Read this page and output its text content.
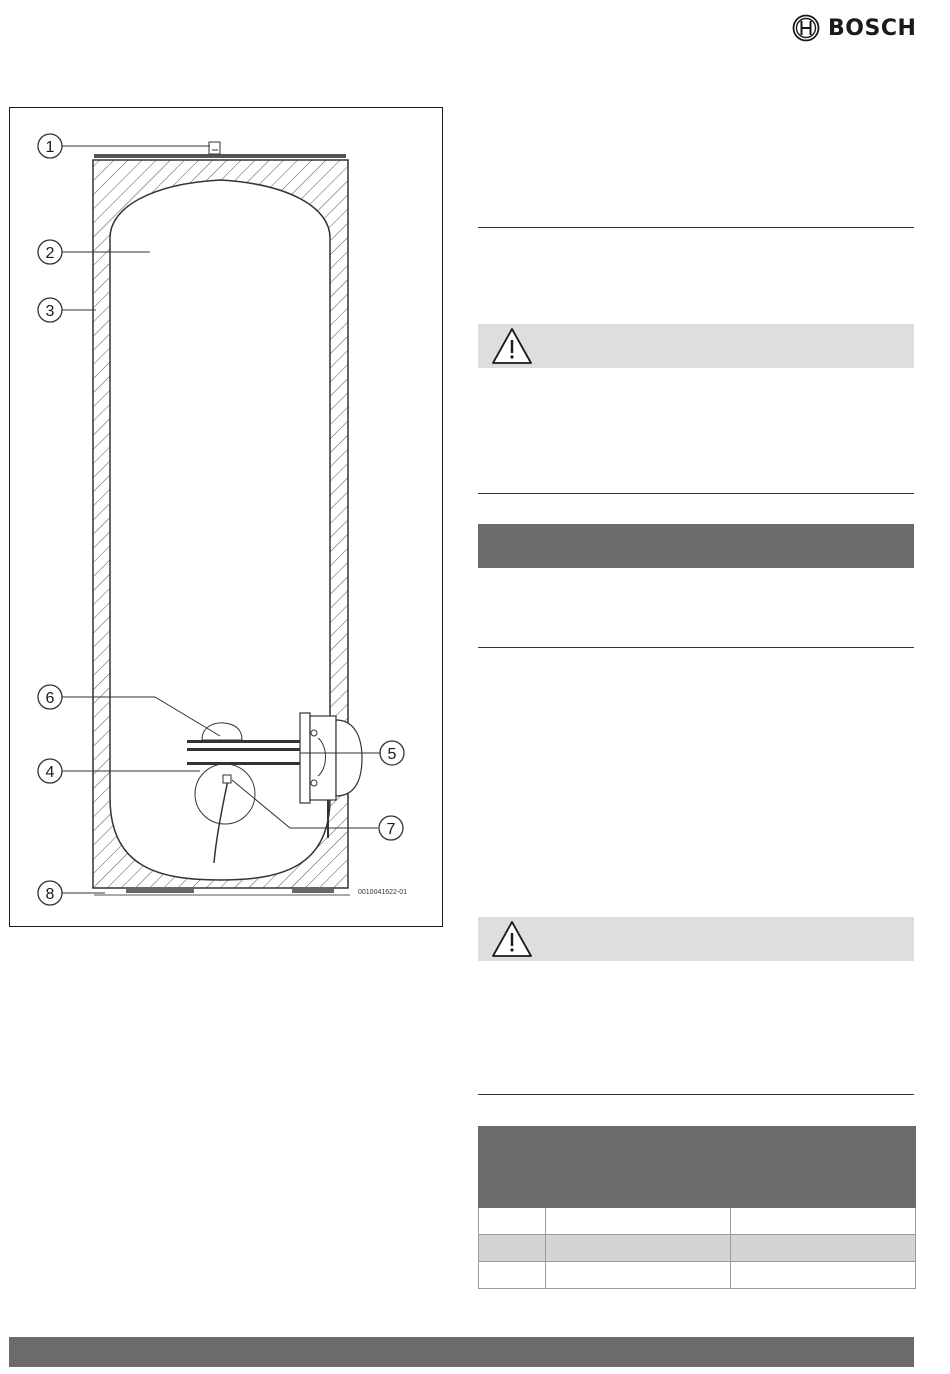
BOSCH
1
2
3
4
5
6
7
8	0010041622-01
